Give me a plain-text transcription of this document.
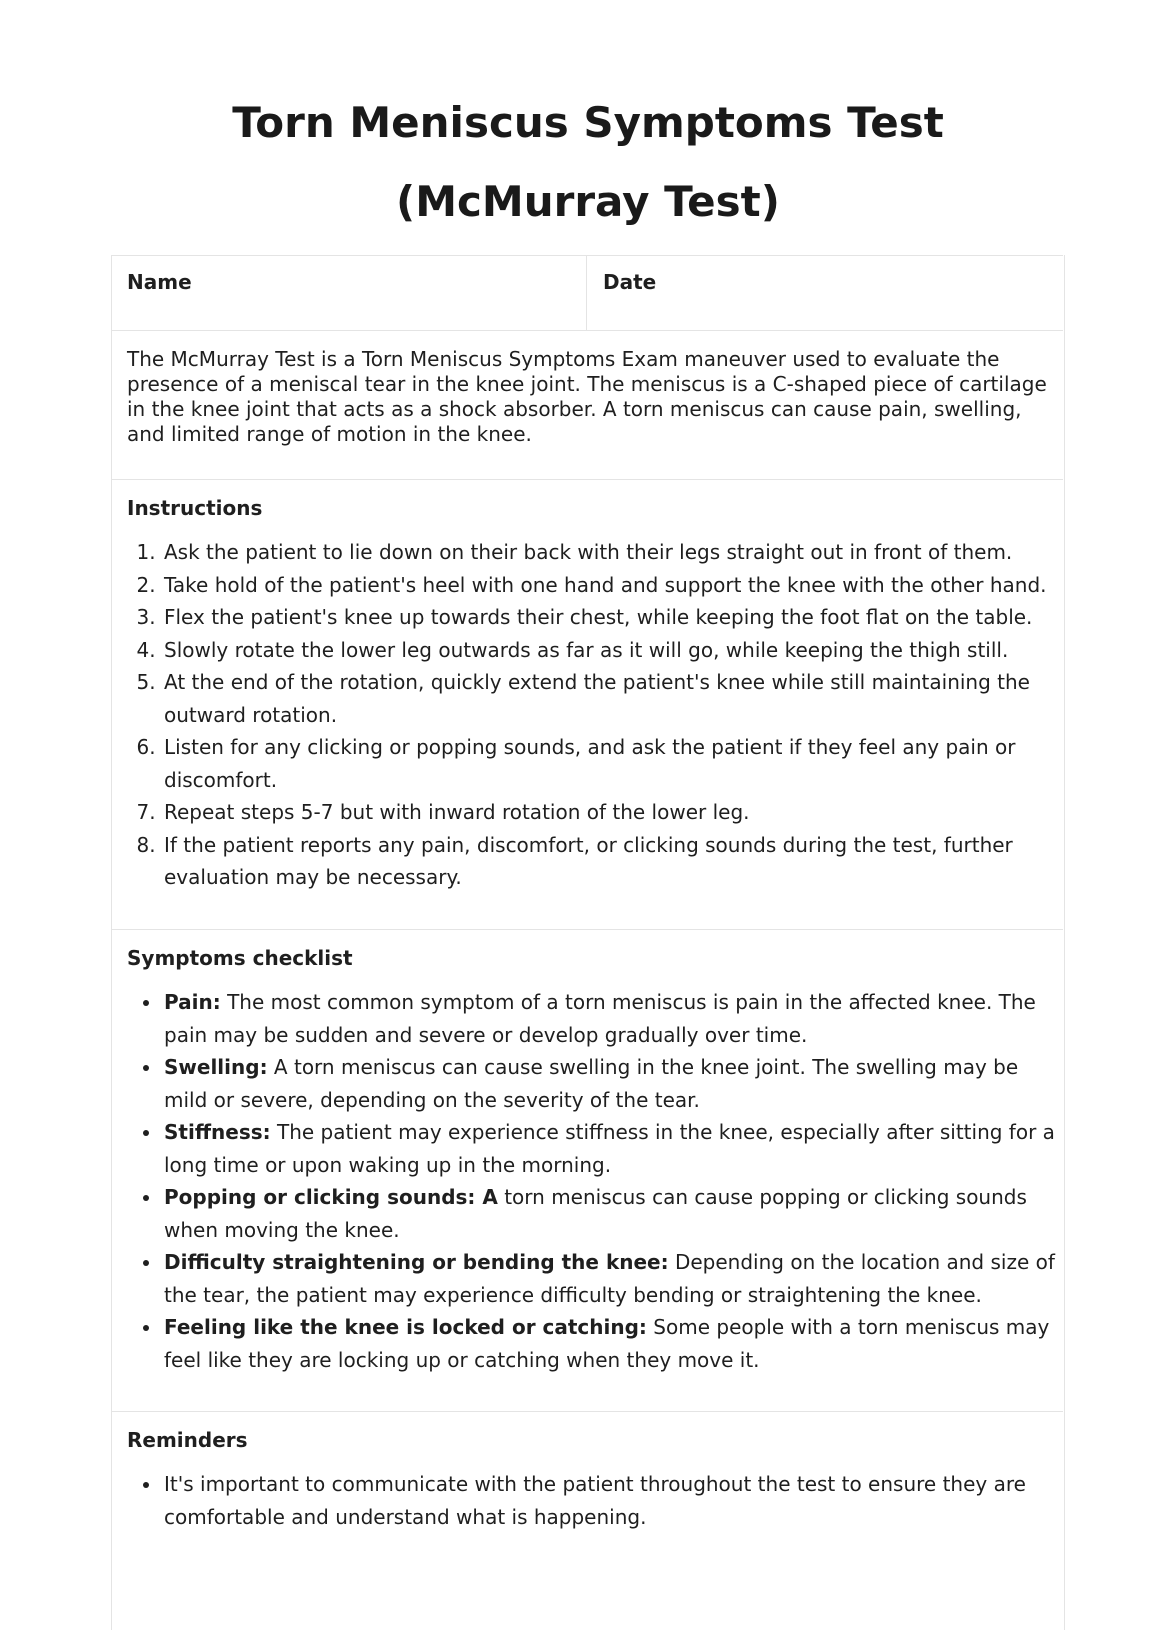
Torn Meniscus Symptoms Test
(McMurray Test)
Name	Date

The McMurray Test is a Torn Meniscus Symptoms Exam maneuver used to evaluate the presence of a meniscal tear in the knee joint. The meniscus is a C-shaped piece of cartilage in the knee joint that acts as a shock absorber. A torn meniscus can cause pain, swelling, and limited range of motion in the knee.

Instructions
1. Ask the patient to lie down on their back with their legs straight out in front of them.
2. Take hold of the patient's heel with one hand and support the knee with the other hand.
3. Flex the patient's knee up towards their chest, while keeping the foot flat on the table.
4. Slowly rotate the lower leg outwards as far as it will go, while keeping the thigh still.
5. At the end of the rotation, quickly extend the patient's knee while still maintaining the outward rotation.
6. Listen for any clicking or popping sounds, and ask the patient if they feel any pain or discomfort.
7. Repeat steps 5-7 but with inward rotation of the lower leg.
8. If the patient reports any pain, discomfort, or clicking sounds during the test, further evaluation may be necessary.
Symptoms checklist
• Pain: The most common symptom of a torn meniscus is pain in the affected knee. The pain may be sudden and severe or develop gradually over time.
• Swelling: A torn meniscus can cause swelling in the knee joint. The swelling may be mild or severe, depending on the severity of the tear.
• Stiffness: The patient may experience stiffness in the knee, especially after sitting for a long time or upon waking up in the morning.
• Popping or clicking sounds: A torn meniscus can cause popping or clicking sounds when moving the knee.
• Difficulty straightening or bending the knee: Depending on the location and size of the tear, the patient may experience difficulty bending or straightening the knee.
• Feeling like the knee is locked or catching: Some people with a torn meniscus may feel like they are locking up or catching when they move it.
Reminders
• It's important to communicate with the patient throughout the test to ensure they are comfortable and understand what is happening.
